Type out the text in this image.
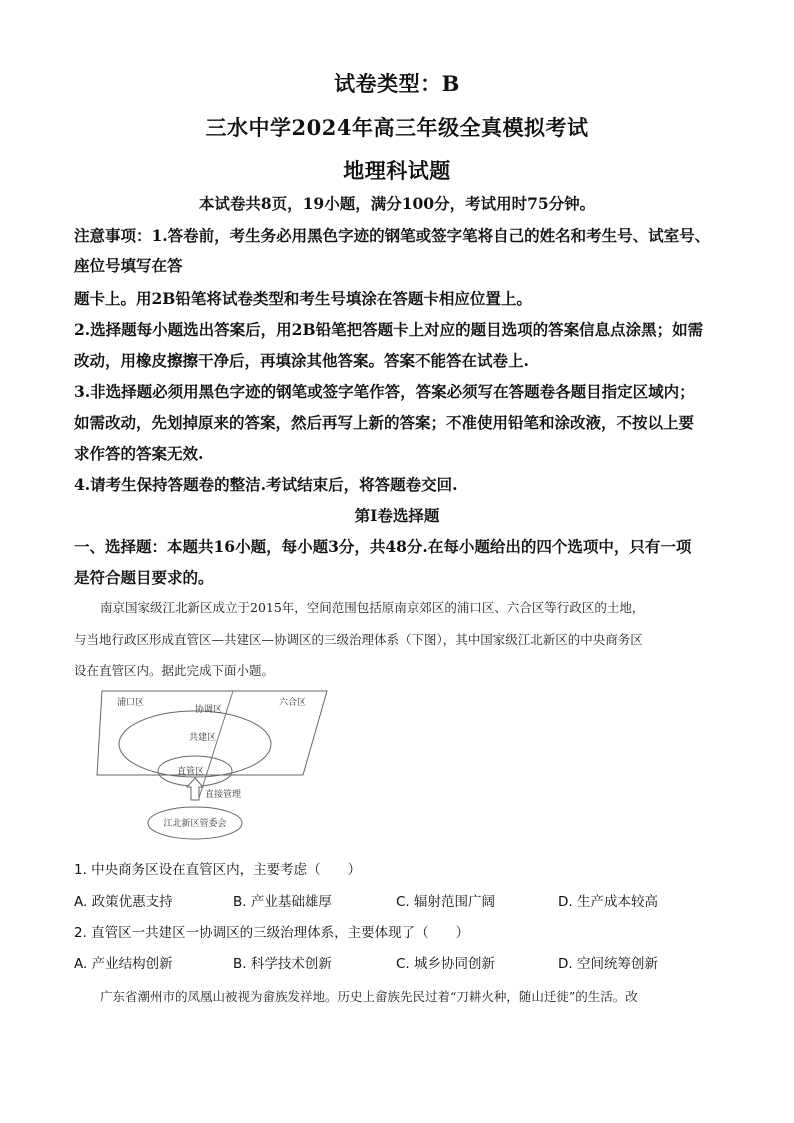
试卷类型：B
三水中学2024年高三年级全真模拟考试
地理科试题
本试卷共8页，19小题，满分100分，考试用时75分钟。
注意事项：1.答卷前，考生务必用黑色字迹的钢笔或签字笔将自己的姓名和考生号、试室号、
座位号填写在答
题卡上。用2B铅笔将试卷类型和考生号填涂在答题卡相应位置上。
2.选择题每小题选出答案后，用2B铅笔把答题卡上对应的题目选项的答案信息点涂黑；如需
改动，用橡皮擦擦干净后，再填涂其他答案。答案不能答在试卷上.
3.非选择题必须用黑色字迹的钢笔或签字笔作答，答案必须写在答题卷各题目指定区域内；
如需改动，先划掉原来的答案，然后再写上新的答案；不准使用铅笔和涂改液，不按以上要
求作答的答案无效.
4.请考生保持答题卷的整洁.考试结束后，将答题卷交回.
第Ⅰ卷选择题
一、选择题：本题共16小题，每小题3分，共48分.在每小题给出的四个选项中，只有一项
是符合题目要求的。
南京国家级江北新区成立于2015年，空间范围包括原南京郊区的浦口区、六合区等行政区的土地，
与当地行政区形成直管区—共建区—协调区的三级治理体系（下图），其中国家级江北新区的中央商务区
设在直管区内。据此完成下面小题。
浦口区	六合区
协调区
共建区
直管区
直接管理
江北新区管委会
1. 中央商务区设在直管区内，主要考虑（　　）
A. 政策优惠支持	B. 产业基础雄厚	C. 辐射范围广阔	D. 生产成本较高
2. 直管区一共建区一协调区的三级治理体系，主要体现了（　　）
A. 产业结构创新	B. 科学技术创新	C. 城乡协同创新	D. 空间统筹创新
广东省潮州市的凤凰山被视为畲族发祥地。历史上畲族先民过着“刀耕火种，随山迁徙”的生活。改
